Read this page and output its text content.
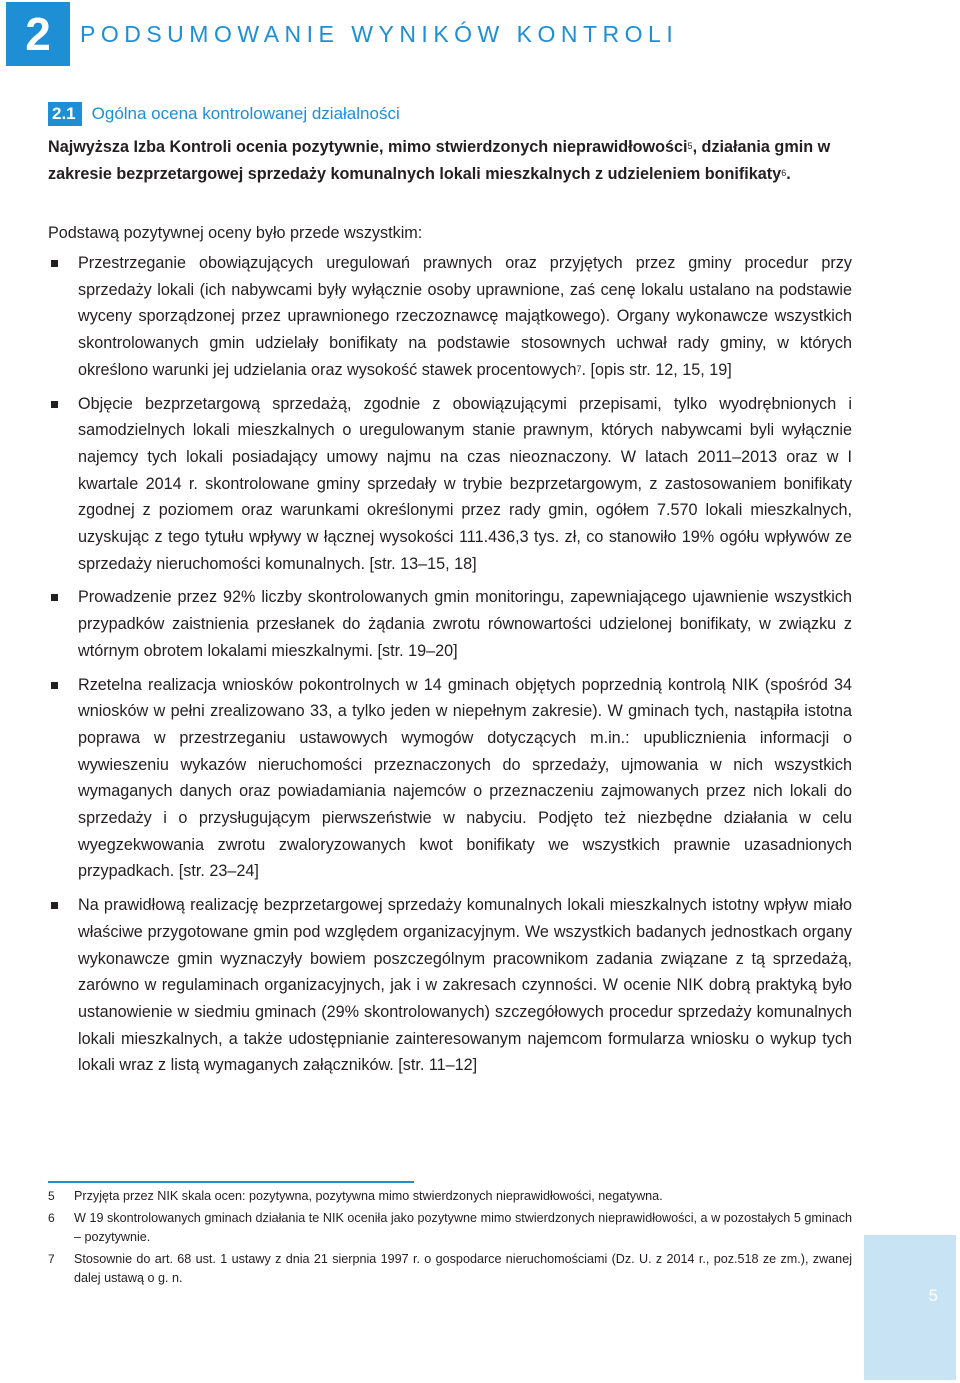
2 PODSUMOWANIE WYNIKÓW KONTROLI
2.1 Ogólna ocena kontrolowanej działalności
Najwyższa Izba Kontroli ocenia pozytywnie, mimo stwierdzonych nieprawidłowości$^5$, działania gmin w zakresie bezprzetargowej sprzedaży komunalnych lokali mieszkalnych z udzieleniem bonifikaty$^6$.
Podstawą pozytywnej oceny było przede wszystkim:
Przestrzeganie obowiązujących uregulowań prawnych oraz przyjętych przez gminy procedur przy sprzedaży lokali (ich nabywcami były wyłącznie osoby uprawnione, zaś cenę lokalu ustalano na podstawie wyceny sporządzonej przez uprawnionego rzeczoznawcę majątkowego). Organy wykonawcze wszystkich skontrolowanych gmin udzielały bonifikaty na podstawie stosownych uchwał rady gminy, w których określono warunki jej udzielania oraz wysokość stawek procentowych$^7$. [opis str. 12, 15, 19]
Objęcie bezprzetargową sprzedażą, zgodnie z obowiązującymi przepisami, tylko wyodrębnionych i samodzielnych lokali mieszkalnych o uregulowanym stanie prawnym, których nabywcami byli wyłącznie najemcy tych lokali posiadający umowy najmu na czas nieoznaczony. W latach 2011–2013 oraz w I kwartale 2014 r. skontrolowane gminy sprzedały w trybie bezprzetargowym, z zastosowaniem bonifikaty zgodnej z poziomem oraz warunkami określonymi przez rady gmin, ogółem 7.570 lokali mieszkalnych, uzyskując z tego tytułu wpływy w łącznej wysokości 111.436,3 tys. zł, co stanowiło 19% ogółu wpływów ze sprzedaży nieruchomości komunalnych. [str. 13–15, 18]
Prowadzenie przez 92% liczby skontrolowanych gmin monitoringu, zapewniającego ujawnienie wszystkich przypadków zaistnienia przesłanek do żądania zwrotu równowartości udzielonej bonifikaty, w związku z wtórnym obrotem lokalami mieszkalnymi. [str. 19–20]
Rzetelna realizacja wniosków pokontrolnych w 14 gminach objętych poprzednią kontrolą NIK (spośród 34 wniosków w pełni zrealizowano 33, a tylko jeden w niepełnym zakresie). W gminach tych, nastąpiła istotna poprawa w przestrzeganiu ustawowych wymogów dotyczących m.in.: upublicznienia informacji o wywieszeniu wykazów nieruchomości przeznaczonych do sprzedaży, ujmowania w nich wszystkich wymaganych danych oraz powiadamiania najemców o przeznaczeniu zajmowanych przez nich lokali do sprzedaży i o przysługującym pierwszeństwie w nabyciu. Podjęto też niezbędne działania w celu wyegzekwowania zwrotu zwaloryzowanych kwot bonifikaty we wszystkich prawnie uzasadnionych przypadkach. [str. 23–24]
Na prawidłową realizację bezprzetargowej sprzedaży komunalnych lokali mieszkalnych istotny wpływ miało właściwe przygotowane gmin pod względem organizacyjnym. We wszystkich badanych jednostkach organy wykonawcze gmin wyznaczyły bowiem poszczególnym pracownikom zadania związane z tą sprzedażą, zarówno w regulaminach organizacyjnych, jak i w zakresach czynności. W ocenie NIK dobrą praktyką było ustanowienie w siedmiu gminach (29% skontrolowanych) szczegółowych procedur sprzedaży komunalnych lokali mieszkalnych, a także udostępnianie zainteresowanym najemcom formularza wniosku o wykup tych lokali wraz z listą wymaganych załączników. [str. 11–12]
5 Przyjęta przez NIK skala ocen: pozytywna, pozytywna mimo stwierdzonych nieprawidłowości, negatywna.
6 W 19 skontrolowanych gminach działania te NIK oceniła jako pozytywne mimo stwierdzonych nieprawidłowości, a w pozostałych 5 gminach – pozytywnie.
7 Stosownie do art. 68 ust. 1 ustawy z dnia 21 sierpnia 1997 r. o gospodarce nieruchomościami (Dz. U. z 2014 r., poz.518 ze zm.), zwanej dalej ustawą o g. n.
5
